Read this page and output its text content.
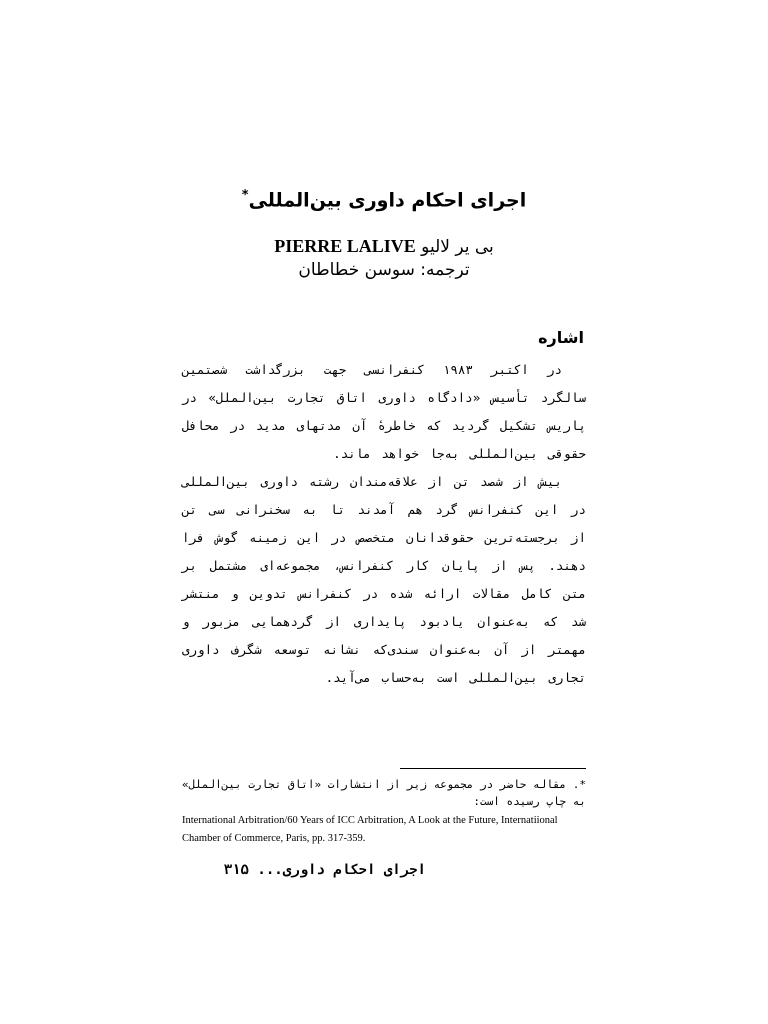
اجرای احکام داوری بین‌المللی*
بی یر لالیو PIERRE LALIVE
ترجمه: سوسن خطاطان
اشاره

در اکتبر ۱۹۸۳ کنفرانسی جهت بزرگداشت شصتمین سالگرد تأسیس «دادگاه داوری اتاق تجارت بین‌الملل» در پاریس تشکیل گردید که خاطرهٔ آن مدتهای مدید در محافل حقوقی بین‌المللی به‌جا خواهد ماند.

بیش از شصد تن از علاقه‌مندان رشته داوری بین‌المللی در این کنفرانس گرد هم آمدند تا به سخنرانی سی تن از برجسته‌ترین حقوقدانان متخصص در این زمینه گوش فرا دهند. پس از پایان کار کنفرانس، مجموعه‌ای مشتمل بر متن کامل مقالات ارائه شده در کنفرانس تدوین و منتشر شد که به‌عنوان یادبود پایداری از گردهمایی مزبور و مهمتر از آن به‌عنوان سندی‌که نشانه توسعه شگرف داوری تجاری بین‌المللی است به‌حساب می‌آید.

*. مقاله حاضر در مجموعه زیر از انتشارات «اتاق تجارت بین‌الملل» به چاپ رسیده است:
International Arbitration/60 Years of ICC Arbitration, A Look at the Future, Internatiional Chamber of Commerce, Paris, pp. 317-359.
اجرای احکام داوری... ۳۱۵
